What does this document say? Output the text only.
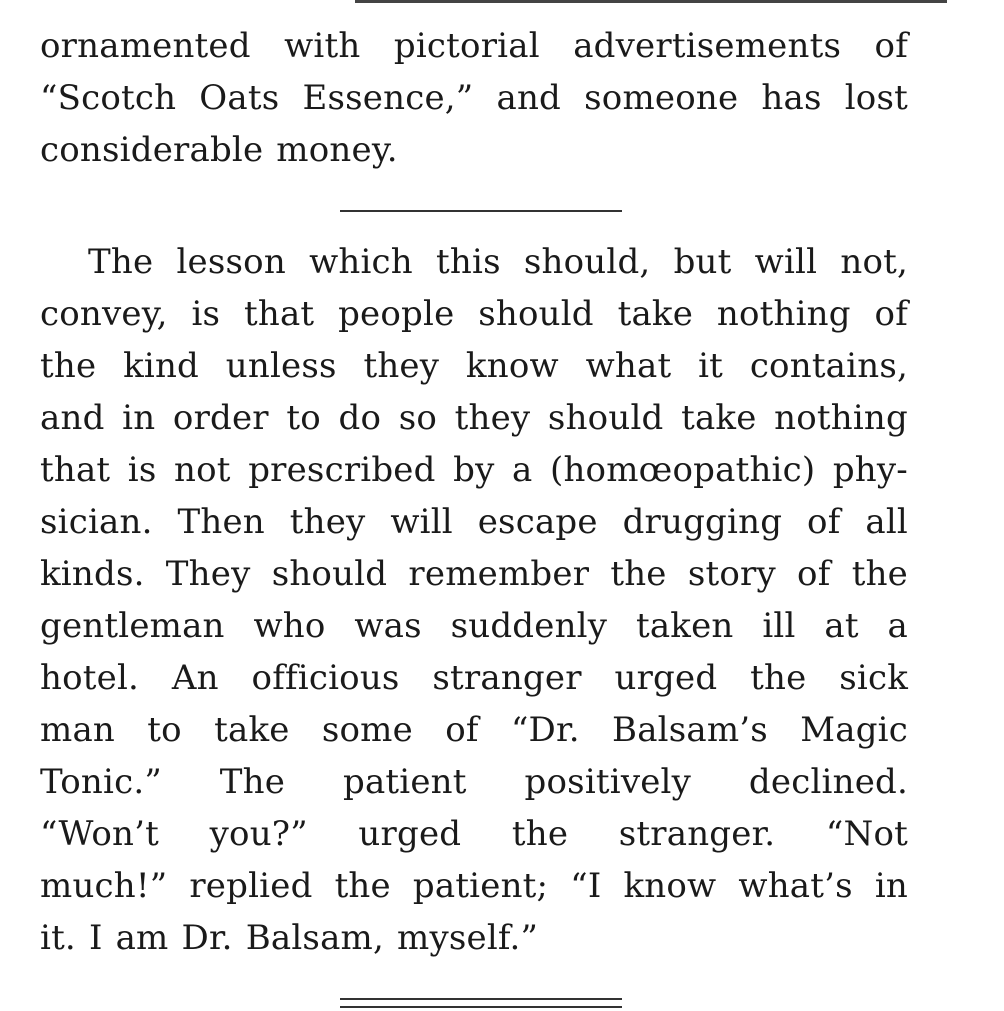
ornamented with pictorial advertisements of
“Scotch Oats Essence,” and someone has lost
considerable money.

The lesson which this should, but will not,
convey, is that people should take nothing of
the kind unless they know what it contains,
and in order to do so they should take nothing
that is not prescribed by a (homœopathic) phy-
sician. Then they will escape drugging of all
kinds. They should remember the story of the
gentleman who was suddenly taken ill at a
hotel. An officious stranger urged the sick
man to take some of “Dr. Balsam’s Magic
Tonic.” The patient positively declined.
“Won’t you?” urged the stranger. “Not
much!” replied the patient; “I know what’s in
it. I am Dr. Balsam, myself.”
